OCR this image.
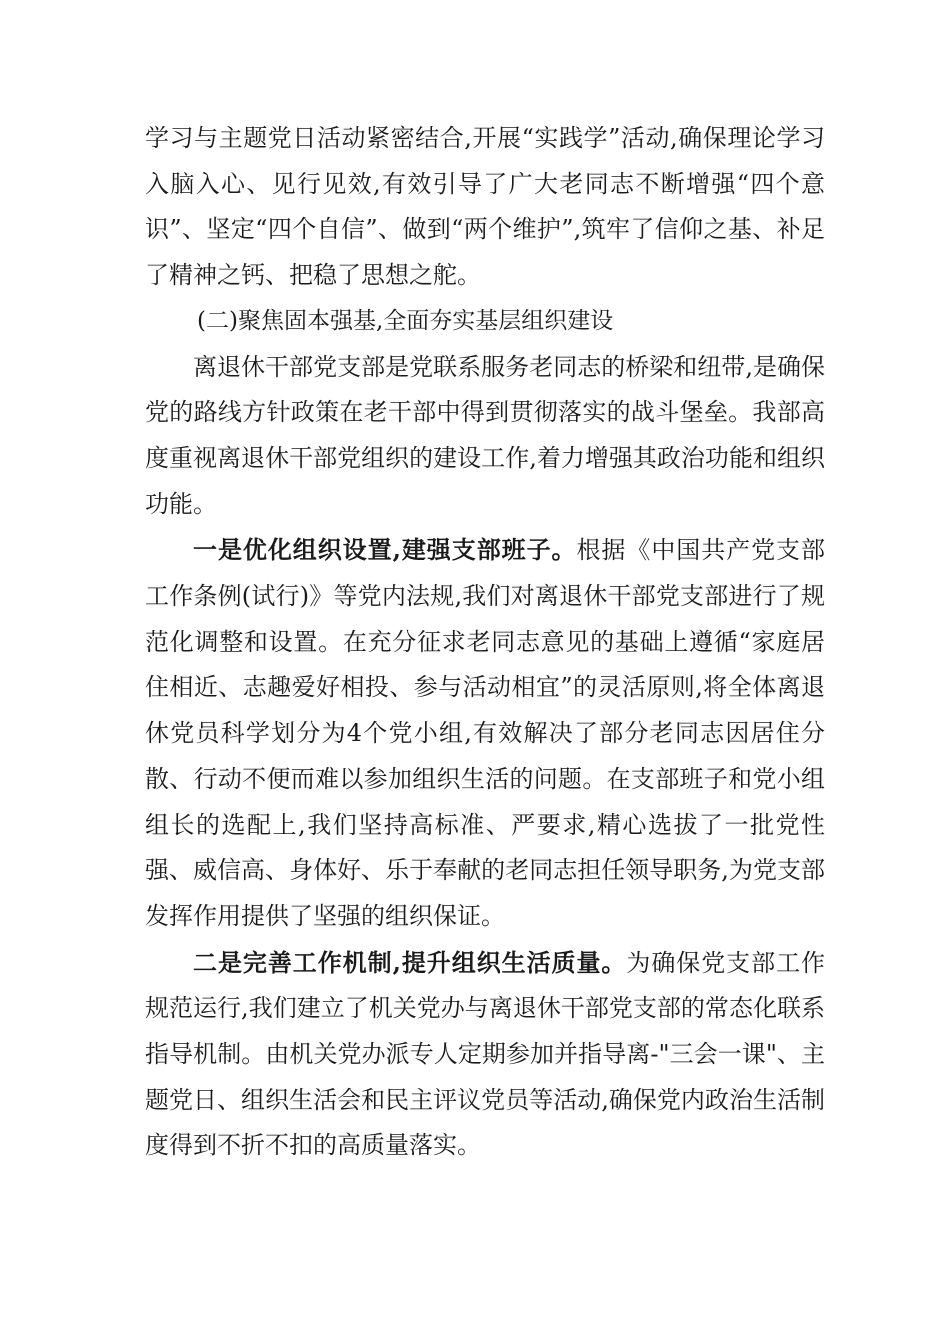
学习与主题党日活动紧密结合,开展“实践学”活动,确保理论学习入脑入心、见行见效,有效引导了广大老同志不断增强“四个意识”、坚定“四个自信”、做到“两个维护”,筑牢了信仰之基、补足了精神之钙、把稳了思想之舵。

(二)聚焦固本强基,全面夯实基层组织建设

离退休干部党支部是党联系服务老同志的桥梁和纽带,是确保党的路线方针政策在老干部中得到贯彻落实的战斗堡垒。我部高度重视离退休干部党组织的建设工作,着力增强其政治功能和组织功能。

一是优化组织设置,建强支部班子。根据《中国共产党支部工作条例(试行)》等党内法规,我们对离退休干部党支部进行了规范化调整和设置。在充分征求老同志意见的基础上遵循“家庭居住相近、志趣爱好相投、参与活动相宜”的灵活原则,将全体离退休党员科学划分为4个党小组,有效解决了部分老同志因居住分散、行动不便而难以参加组织生活的问题。在支部班子和党小组组长的选配上,我们坚持高标准、严要求,精心选拔了一批党性强、威信高、身体好、乐于奉献的老同志担任领导职务,为党支部发挥作用提供了坚强的组织保证。

二是完善工作机制,提升组织生活质量。为确保党支部工作规范运行,我们建立了机关党办与离退休干部党支部的常态化联系指导机制。由机关党办派专人定期参加并指导离-"三会一课"、主题党日、组织生活会和民主评议党员等活动,确保党内政治生活制度得到不折不扣的高质量落实。
